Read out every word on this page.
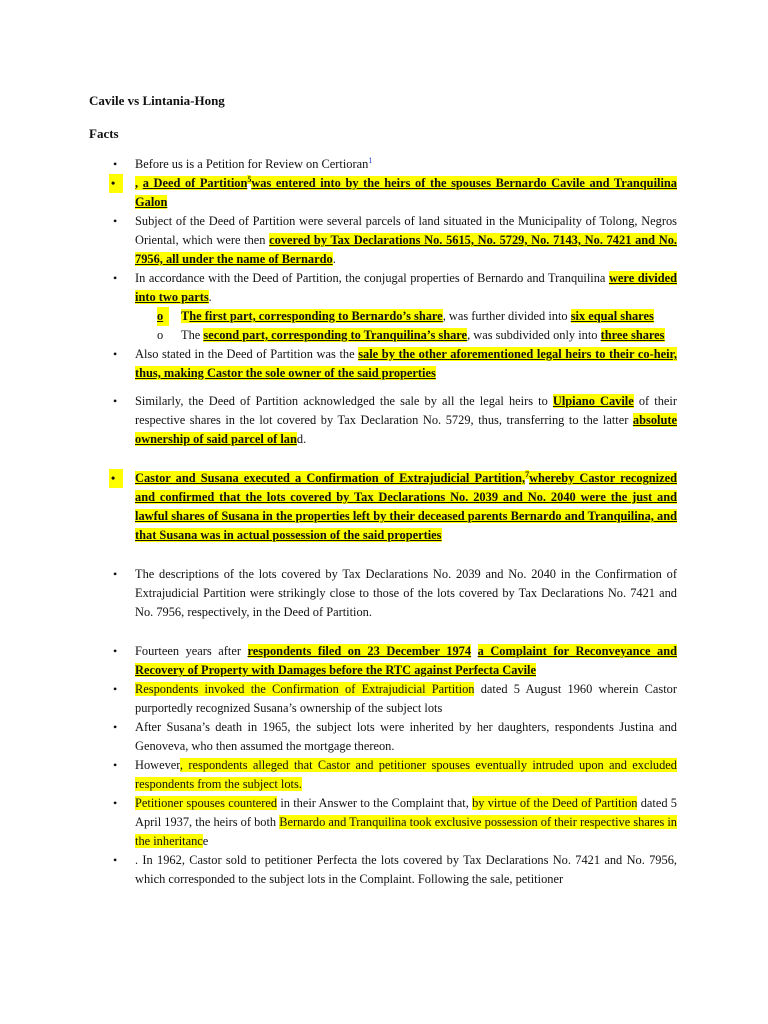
Cavile vs Lintania-Hong
Facts
• Before us is a Petition for Review on Certioran$^1$
• , a Deed of Partition$^5$was entered into by the heirs of the spouses Bernardo Cavile and Tranquilina Galon
• Subject of the Deed of Partition were several parcels of land situated in the Municipality of Tolong, Negros Oriental, which were then covered by Tax Declarations No. 5615, No. 5729, No. 7143, No. 7421 and No. 7956, all under the name of Bernardo.
• In accordance with the Deed of Partition, the conjugal properties of Bernardo and Tranquilina were divided into two parts.
o	The first part, corresponding to Bernardo’s share, was further divided into six equal shares
o The second part, corresponding to Tranquilina’s share, was subdivided only into three shares
• Also stated in the Deed of Partition was the sale by the other aforementioned legal heirs to their co-heir, thus, making Castor the sole owner of the said properties
• Similarly, the Deed of Partition acknowledged the sale by all the legal heirs to Ulpiano Cavile of their respective shares in the lot covered by Tax Declaration No. 5729, thus, transferring to the latter absolute ownership of said parcel of land.
• Castor and Susana executed a Confirmation of Extrajudicial Partition,$^7$whereby Castor recognized and confirmed that the lots covered by Tax Declarations No. 2039 and No. 2040 were the just and lawful shares of Susana in the properties left by their deceased parents Bernardo and Tranquilina, and that Susana was in actual possession of the said properties
• The descriptions of the lots covered by Tax Declarations No. 2039 and No. 2040 in the Confirmation of Extrajudicial Partition were strikingly close to those of the lots covered by Tax Declarations No. 7421 and No. 7956, respectively, in the Deed of Partition.
• Fourteen years after respondents filed on 23 December 1974 a Complaint for Reconveyance and Recovery of Property with Damages before the RTC against Perfecta Cavile
• Respondents invoked the Confirmation of Extrajudicial Partition dated 5 August 1960 wherein Castor purportedly recognized Susana’s ownership of the subject lots
• After Susana’s death in 1965, the subject lots were inherited by her daughters, respondents Justina and Genoveva, who then assumed the mortgage thereon.
• However, respondents alleged that Castor and petitioner spouses eventually intruded upon and excluded respondents from the subject lots.
• Petitioner spouses countered in their Answer to the Complaint that, by virtue of the Deed of Partition dated 5 April 1937, the heirs of both Bernardo and Tranquilina took exclusive possession of their respective shares in the inheritance
• . In 1962, Castor sold to petitioner Perfecta the lots covered by Tax Declarations No. 7421 and No. 7956, which corresponded to the subject lots in the Complaint. Following the sale, petitioner
